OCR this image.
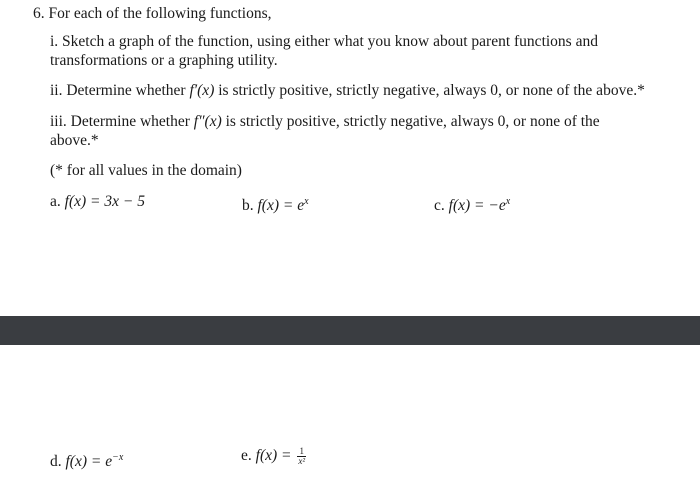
6. For each of the following functions,
i. Sketch a graph of the function, using either what you know about parent functions and
transformations or a graphing utility.
ii. Determine whether f′(x) is strictly positive, strictly negative, always 0, or none of the above.*
iii. Determine whether f″(x) is strictly positive, strictly negative, always 0, or none of the
above.*
(* for all values in the domain)
a. f(x) = 3x − 5	b. $f(x) = e^x$	c. $f(x) = -e^x$
d. $f(x) = e^{-x}$	e. $f(x) = \frac{1}{\text{x²}}$
